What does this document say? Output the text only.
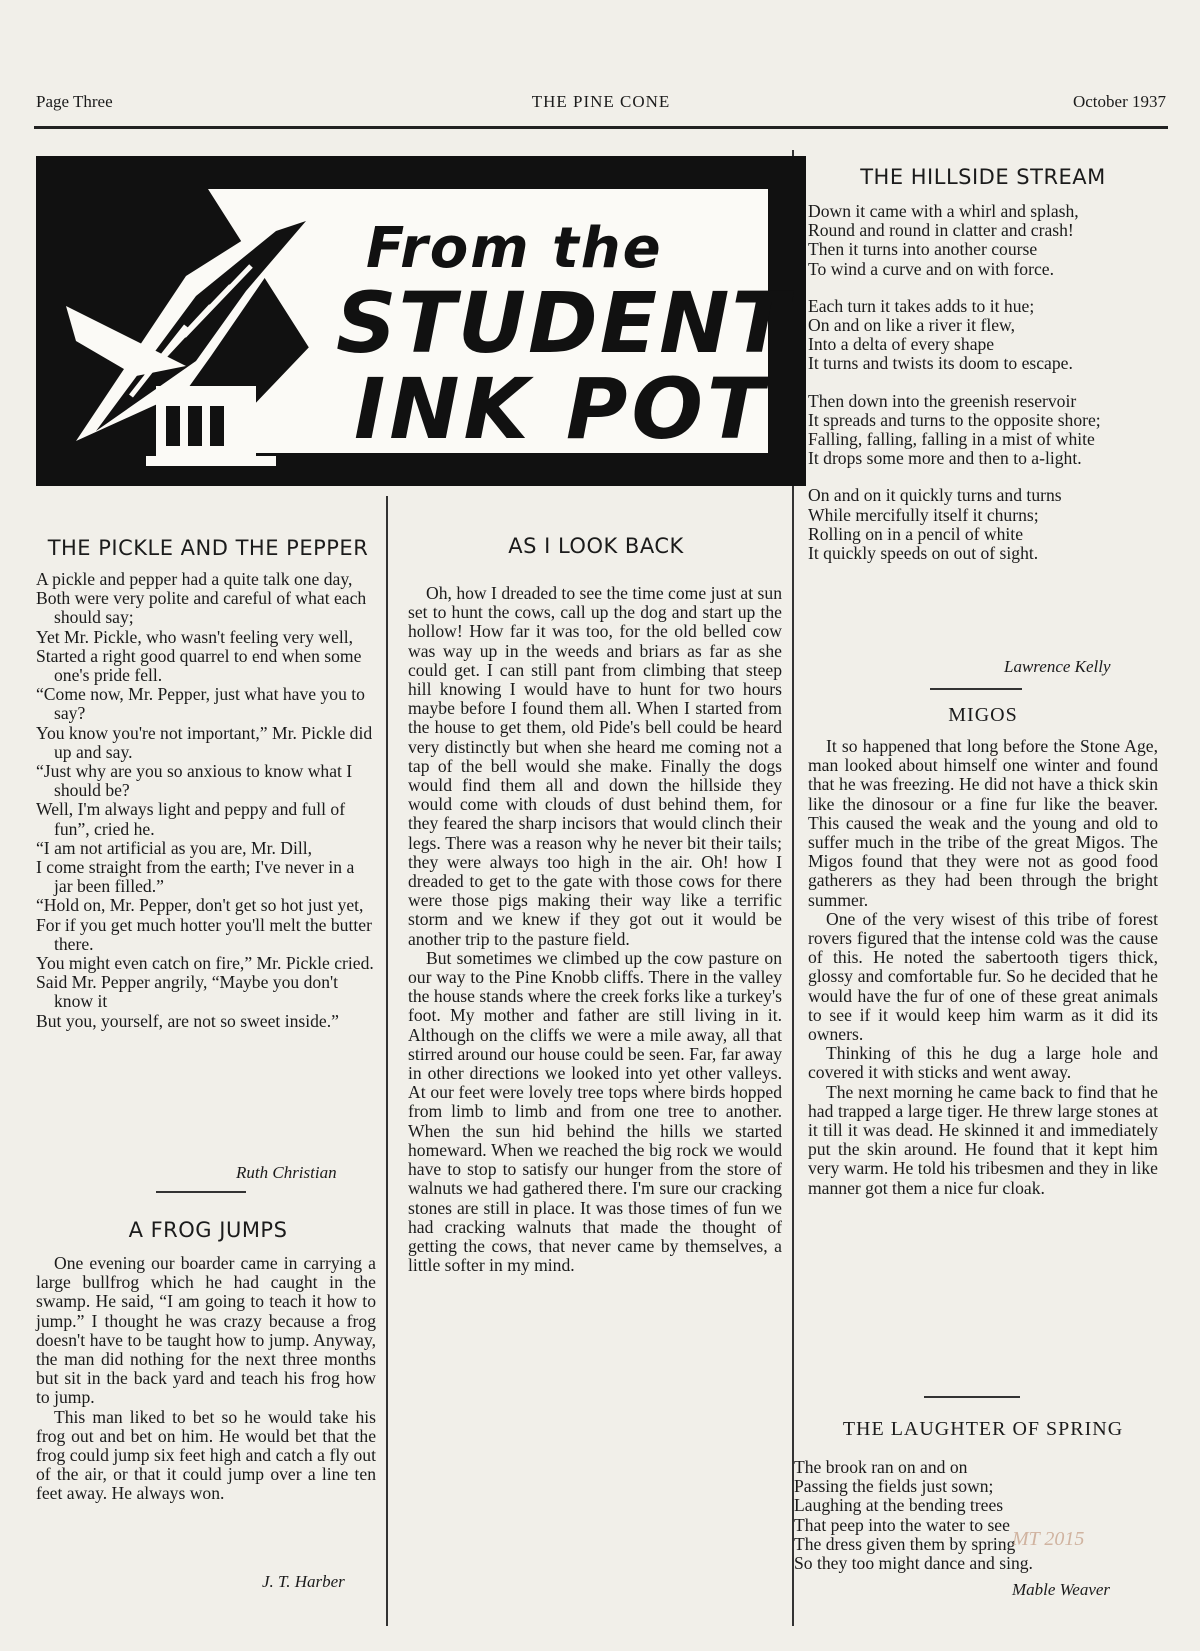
Page Three	THE PINE CONE	October 1937
From the
STUDENT
INK POT
THE PICKLE AND THE PEPPER
A pickle and pepper had a quite talk one day,
Both were very polite and careful of what each should say;
Yet Mr. Pickle, who wasn't feeling very well,
Started a right good quarrel to end when some one's pride fell.
“Come now, Mr. Pepper, just what have you to say?
You know you're not important,” Mr. Pickle did up and say.
“Just why are you so anxious to know what I should be?
Well, I'm always light and peppy and full of fun”, cried he.
“I am not artificial as you are, Mr. Dill,
I come straight from the earth; I've never in a jar been filled.”
“Hold on, Mr. Pepper, don't get so hot just yet,
For if you get much hotter you'll melt the butter there.
You might even catch on fire,” Mr. Pickle cried.
Said Mr. Pepper angrily, “Maybe you don't know it
But you, yourself, are not so sweet inside.”
Ruth Christian
A FROG JUMPS

One evening our boarder came in carrying a large bullfrog which he had caught in the swamp. He said, “I am going to teach it how to jump.” I thought he was crazy because a frog doesn't have to be taught how to jump. Anyway, the man did nothing for the next three months but sit in the back yard and teach his frog how to jump.

This man liked to bet so he would take his frog out and bet on him. He would bet that the frog could jump six feet high and catch a fly out of the air, or that it could jump over a line ten feet away. He always won.

J. T. Harber
AS I LOOK BACK

Oh, how I dreaded to see the time come just at sun set to hunt the cows, call up the dog and start up the hollow! How far it was too, for the old belled cow was way up in the weeds and briars as far as she could get. I can still pant from climbing that steep hill knowing I would have to hunt for two hours maybe before I found them all. When I started from the house to get them, old Pide's bell could be heard very distinctly but when she heard me coming not a tap of the bell would she make. Finally the dogs would find them all and down the hillside they would come with clouds of dust behind them, for they feared the sharp incisors that would clinch their legs. There was a reason why he never bit their tails; they were always too high in the air. Oh! how I dreaded to get to the gate with those cows for there were those pigs making their way like a terrific storm and we knew if they got out it would be another trip to the pasture field.

But sometimes we climbed up the cow pasture on our way to the Pine Knobb cliffs. There in the valley the house stands where the creek forks like a turkey's foot. My mother and father are still living in it. Although on the cliffs we were a mile away, all that stirred around our house could be seen. Far, far away in other directions we looked into yet other valleys. At our feet were lovely tree tops where birds hopped from limb to limb and from one tree to another. When the sun hid behind the hills we started homeward. When we reached the big rock we would have to stop to satisfy our hunger from the store of walnuts we had gathered there. I'm sure our cracking stones are still in place. It was those times of fun we had cracking walnuts that made the thought of getting the cows, that never came by themselves, a little softer in my mind.

THE HILLSIDE STREAM
Down it came with a whirl and splash,
Round and round in clatter and crash!
Then it turns into another course
To wind a curve and on with force.
Each turn it takes adds to it hue;
On and on like a river it flew,
Into a delta of every shape
It turns and twists its doom to escape.
Then down into the greenish reservoir
It spreads and turns to the opposite shore;
Falling, falling, falling in a mist of white
It drops some more and then to a-light.
On and on it quickly turns and turns
While mercifully itself it churns;
Rolling on in a pencil of white
It quickly speeds on out of sight.
Lawrence Kelly
MIGOS

It so happened that long before the Stone Age, man looked about himself one winter and found that he was freezing. He did not have a thick skin like the dinosour or a fine fur like the beaver. This caused the weak and the young and old to suffer much in the tribe of the great Migos. The Migos found that they were not as good food gatherers as they had been through the bright summer.

One of the very wisest of this tribe of forest rovers figured that the intense cold was the cause of this. He noted the sabertooth tigers thick, glossy and comfortable fur. So he decided that he would have the fur of one of these great animals to see if it would keep him warm as it did its owners.

Thinking of this he dug a large hole and covered it with sticks and went away.

The next morning he came back to find that he had trapped a large tiger. He threw large stones at it till it was dead. He skinned it and immediately put the skin around. He found that it kept him very warm. He told his tribesmen and they in like manner got them a nice fur cloak.

THE LAUGHTER OF SPRING
The brook ran on and on
Passing the fields just sown;
Laughing at the bending trees
That peep into the water to see
The dress given them by spring
So they too might dance and sing.
Mable Weaver
MT 2015
